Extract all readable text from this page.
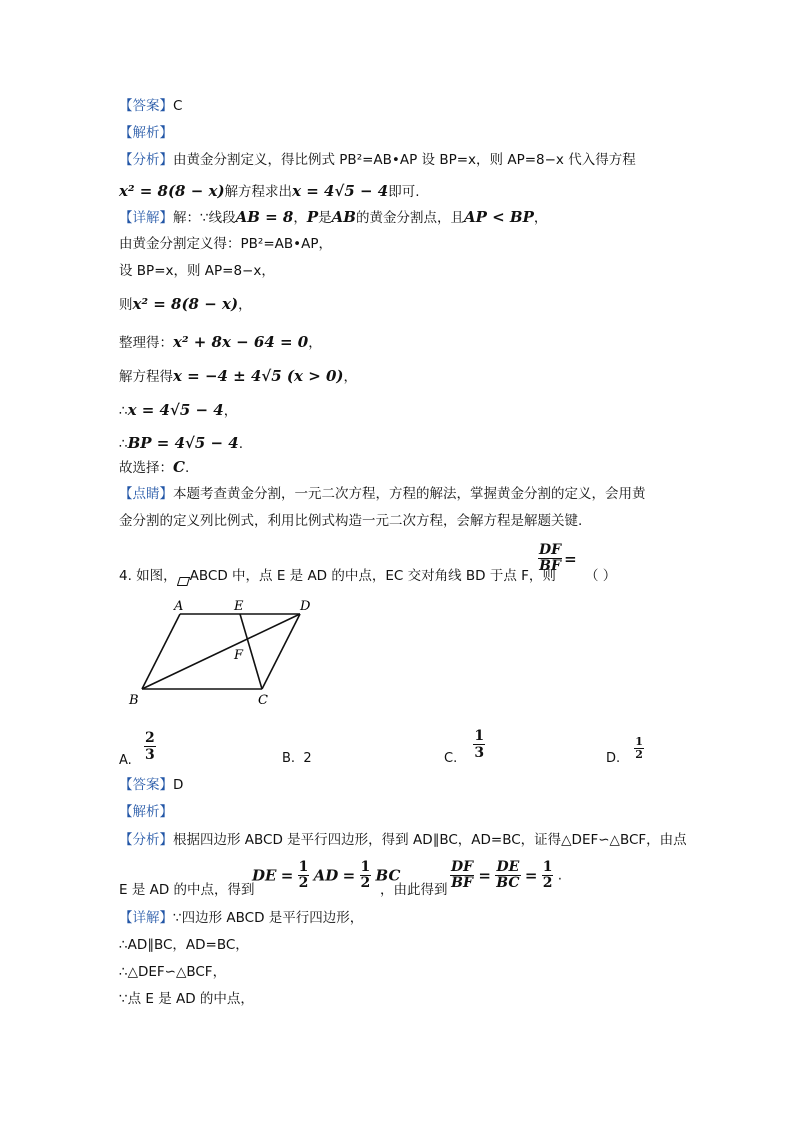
【答案】C
【解析】
【分析】由黄金分割定义，得比例式 PB²=AB•AP 设 BP=x，则 AP=8−x 代入得方程
x² = 8(8 − x)解方程求出x = 4√5 − 4即可.
【详解】解：∵线段AB = 8，P是AB的黄金分割点，且AP < BP，
由黄金分割定义得：PB²=AB•AP，
设 BP=x，则 AP=8−x，
则x² = 8(8 − x)，
整理得：x² + 8x − 64 = 0，
解方程得x = −4 ± 4√5 (x > 0)，
∴x = 4√5 − 4，
∴BP = 4√5 − 4.
故选择：C.
【点睛】本题考查黄金分割，一元二次方程，方程的解法，掌握黄金分割的定义，会用黄
金分割的定义列比例式，利用比例式构造一元二次方程，会解方程是解题关键.
4. 如图， ABCD 中，点 E 是 AD 的中点，EC 交对角线 BD 于点 F，则
$\frac{DF}{BF}$ =
（ ）
A	E	D
F
B	C
A. $\frac{2}{3}$	B. 2	C. $\frac{1}{3}$	D. $\frac{1}{2}$
【答案】D
【解析】
【分析】根据四边形 ABCD 是平行四边形，得到 AD∥BC，AD=BC，证得△DEF∽△BCF，由点
E 是 AD 的中点，得到
DE = $\frac{1}{2}$ AD = $\frac{1}{2}$ BC
，由此得到 $\frac{DF}{BF} = \frac{DE}{BC} = \frac{1}{2}$ .
【详解】∵四边形 ABCD 是平行四边形，
∴AD∥BC，AD=BC，
∴△DEF∽△BCF，
∵点 E 是 AD 的中点，
